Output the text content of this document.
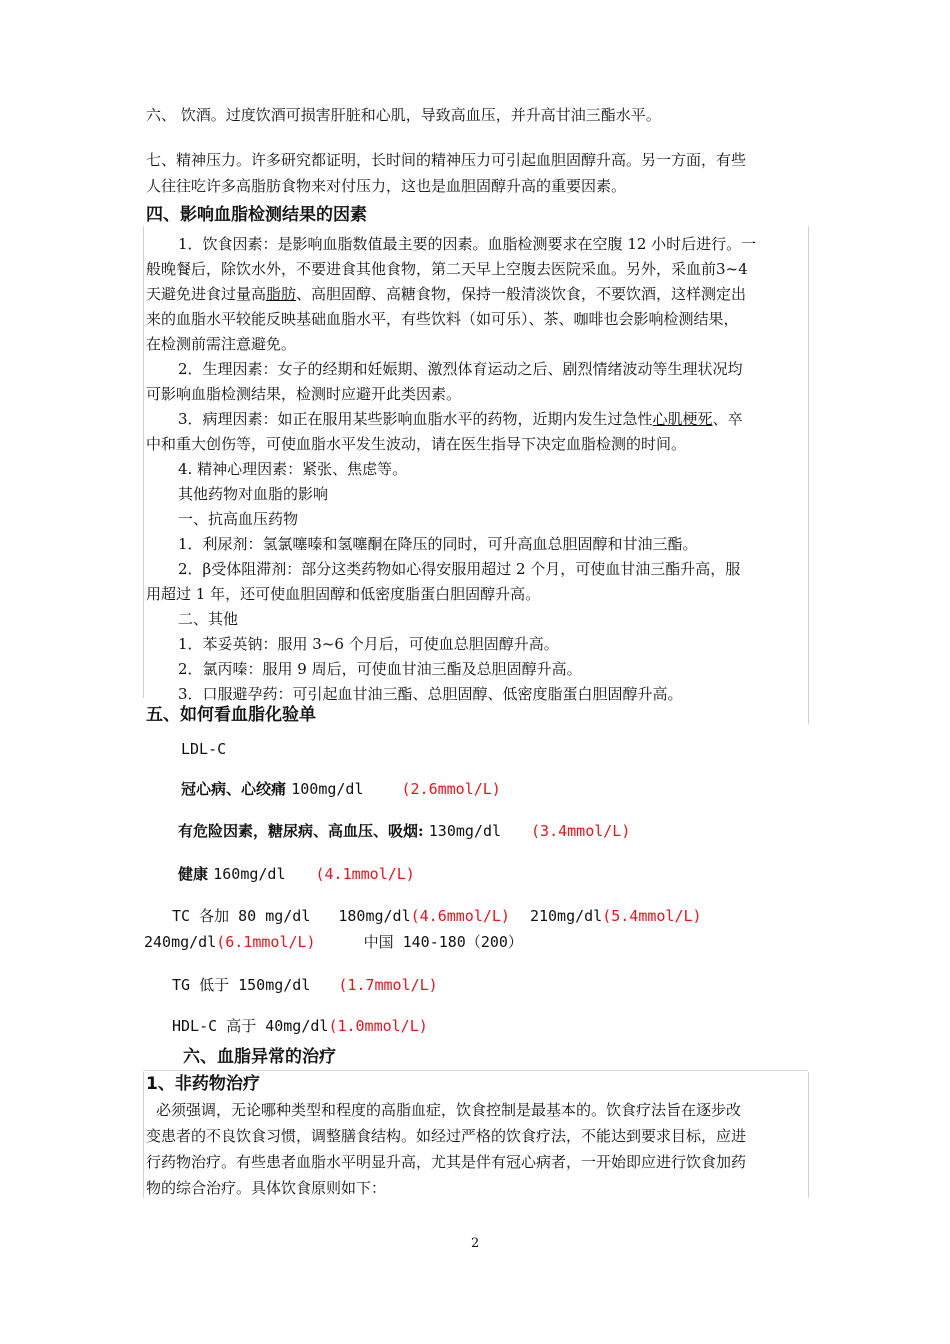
六、 饮酒。过度饮酒可损害肝脏和心肌，导致高血压，并升高甘油三酯水平。
七、精神压力。许多研究都证明，长时间的精神压力可引起血胆固醇升高。另一方面，有些
人往往吃许多高脂肪食物来对付压力，这也是血胆固醇升高的重要因素。
四、影响血脂检测结果的因素
1．饮食因素：是影响血脂数值最主要的因素。血脂检测要求在空腹 12 小时后进行。一
般晚餐后，除饮水外，不要进食其他食物，第二天早上空腹去医院采血。另外，采血前3~4
天避免进食过量高脂肪、高胆固醇、高糖食物，保持一般清淡饮食，不要饮酒，这样测定出
来的血脂水平较能反映基础血脂水平，有些饮料（如可乐）、茶、咖啡也会影响检测结果，
在检测前需注意避免。
2．生理因素：女子的经期和妊娠期、激烈体育运动之后、剧烈情绪波动等生理状况均
可影响血脂检测结果，检测时应避开此类因素。
3．病理因素：如正在服用某些影响血脂水平的药物，近期内发生过急性心肌梗死、卒
中和重大创伤等，可使血脂水平发生波动，请在医生指导下决定血脂检测的时间。
4. 精神心理因素：紧张、焦虑等。
其他药物对血脂的影响
一、抗高血压药物
1．利尿剂：氢氯噻嗪和氢噻酮在降压的同时，可升高血总胆固醇和甘油三酯。
2．β受体阻滞剂：部分这类药物如心得安服用超过 2 个月，可使血甘油三酯升高，服
用超过 1 年，还可使血胆固醇和低密度脂蛋白胆固醇升高。
二、其他
1．苯妥英钠：服用 3~6 个月后，可使血总胆固醇升高。
2．氯丙嗪：服用 9 周后，可使血甘油三酯及总胆固醇升高。
3．口服避孕药：可引起血甘油三酯、总胆固醇、低密度脂蛋白胆固醇升高。
五、如何看血脂化验单
LDL-C
冠心病、心绞痛 100mg/dl	(2.6mmol/L)
有危险因素，糖尿病、高血压、吸烟: 130mg/dl (3.4mmol/L)
健康 160mg/dl (4.1mmol/L)
TC 各加 80 mg/dl 180mg/dl(4.6mmol/L) 210mg/dl(5.4mmol/L)
240mg/dl(6.1mmol/L)	中国 140-180（200）
TG 低于 150mg/dl (1.7mmol/L)
HDL-C 高于 40mg/dl(1.0mmol/L)
六、血脂异常的治疗
1、非药物治疗
必须强调，无论哪种类型和程度的高脂血症，饮食控制是最基本的。饮食疗法旨在逐步改
变患者的不良饮食习惯，调整膳食结构。如经过严格的饮食疗法，不能达到要求目标，应进
行药物治疗。有些患者血脂水平明显升高，尤其是伴有冠心病者，一开始即应进行饮食加药
物的综合治疗。具体饮食原则如下：
2
